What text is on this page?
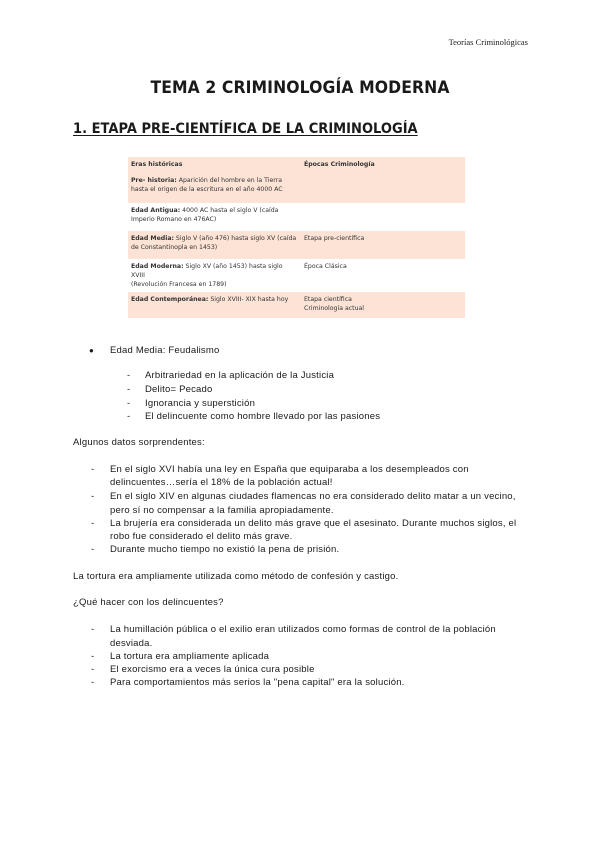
Teorías Criminológicas
TEMA 2 CRIMINOLOGÍA MODERNA
1. ETAPA PRE-CIENTÍFICA DE LA CRIMINOLOGÍA
Eras históricas	Épocas Criminología
Pre- historia: Aparición del hombre en la Tierra
hasta el origen de la escritura en el año 4000 AC	

Edad Antigua: 4000 AC hasta el siglo V (caída
Imperio Romano en 476AC)	

Edad Media: Siglo V (año 476) hasta siglo XV (caída
de Constantinopla en 1453)	Etapa pre-científica

Edad Moderna: Siglo XV (año 1453) hasta siglo XVIII
(Revolución Francesa en 1789)	Época Clásica

Edad Contemporánea: Siglo XVIII- XIX hasta hoy	Etapa científica
Criminología actual
● Edad Media: Feudalismo
- Arbitrariedad en la aplicación de la Justicia
- Delito= Pecado
- Ignorancia y superstición
- El delincuente como hombre llevado por las pasiones
Algunos datos sorprendentes:
- En el siglo XVI había una ley en España que equiparaba a los desempleados con
delincuentes…sería el 18% de la población actual!
- En el siglo XIV en algunas ciudades flamencas no era considerado delito matar a un vecino,
pero sí no compensar a la familia apropiadamente.
- La brujería era considerada un delito más grave que el asesinato. Durante muchos siglos, el
robo fue considerado el delito más grave.
- Durante mucho tiempo no existió la pena de prisión.
La tortura era ampliamente utilizada como método de confesión y castigo.
¿Qué hacer con los delincuentes?
- La humillación pública o el exilio eran utilizados como formas de control de la población
desviada.
- La tortura era ampliamente aplicada
- El exorcismo era a veces la única cura posible
- Para comportamientos más serios la "pena capital" era la solución.
